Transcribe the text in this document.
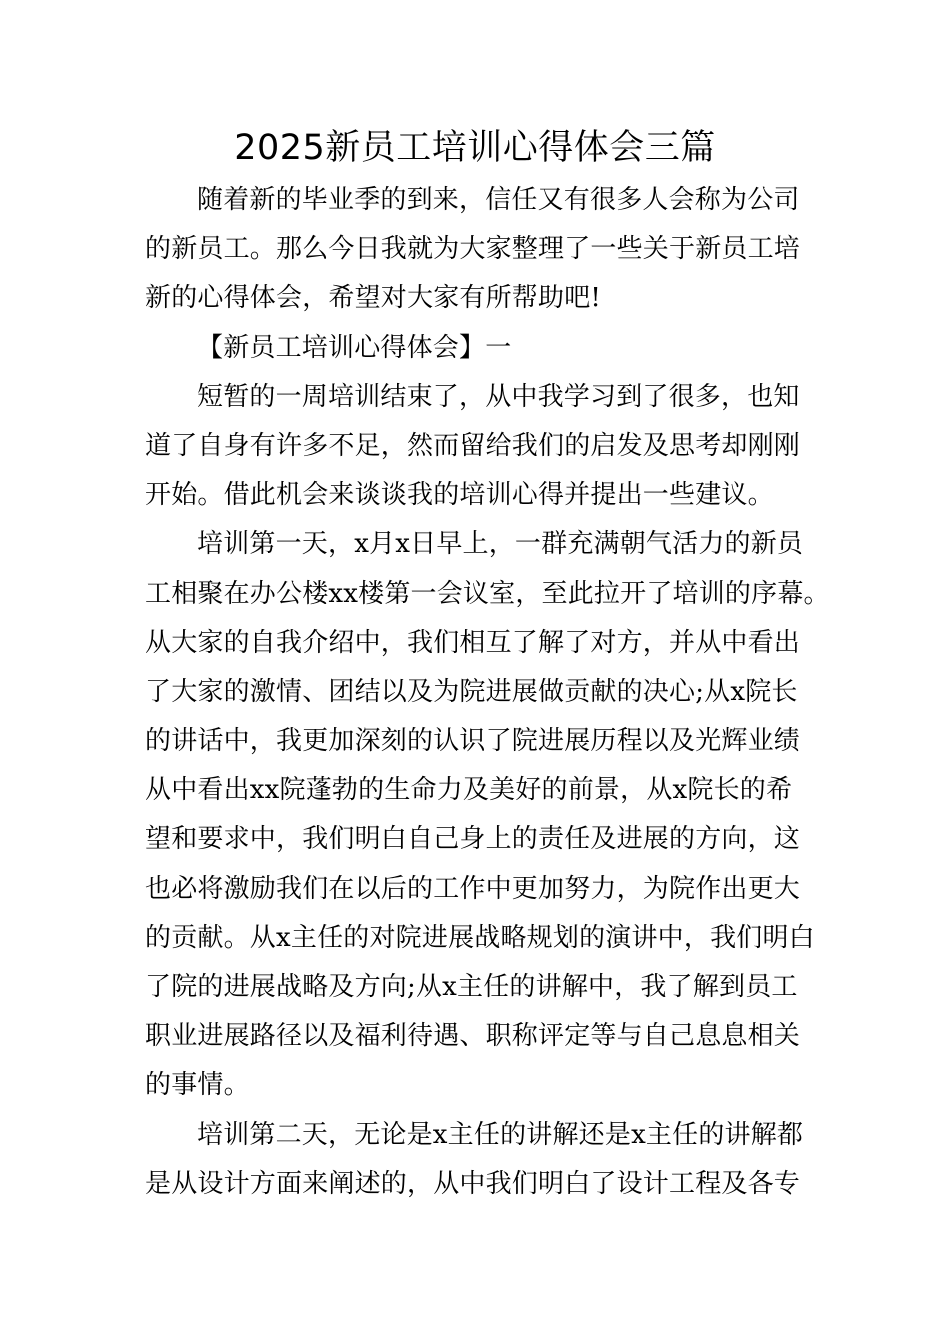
2025新员工培训心得体会三篇
随着新的毕业季的到来，信任又有很多人会称为公司
的新员工。那么今日我就为大家整理了一些关于新员工培
新的心得体会，希望对大家有所帮助吧!
【新员工培训心得体会】一
短暂的一周培训结束了，从中我学习到了很多，也知
道了自身有许多不足，然而留给我们的启发及思考却刚刚
开始。借此机会来谈谈我的培训心得并提出一些建议。
培训第一天，x月x日早上，一群充满朝气活力的新员
工相聚在办公楼xx楼第一会议室，至此拉开了培训的序幕。
从大家的自我介绍中，我们相互了解了对方，并从中看出
了大家的激情、团结以及为院进展做贡献的决心;从x院长
的讲话中，我更加深刻的认识了院进展历程以及光辉业绩
从中看出xx院蓬勃的生命力及美好的前景，从x院长的希
望和要求中，我们明白自己身上的责任及进展的方向，这
也必将激励我们在以后的工作中更加努力，为院作出更大
的贡献。从x主任的对院进展战略规划的演讲中，我们明白
了院的进展战略及方向;从x主任的讲解中，我了解到员工
职业进展路径以及福利待遇、职称评定等与自己息息相关
的事情。
培训第二天，无论是x主任的讲解还是x主任的讲解都
是从设计方面来阐述的，从中我们明白了设计工程及各专
